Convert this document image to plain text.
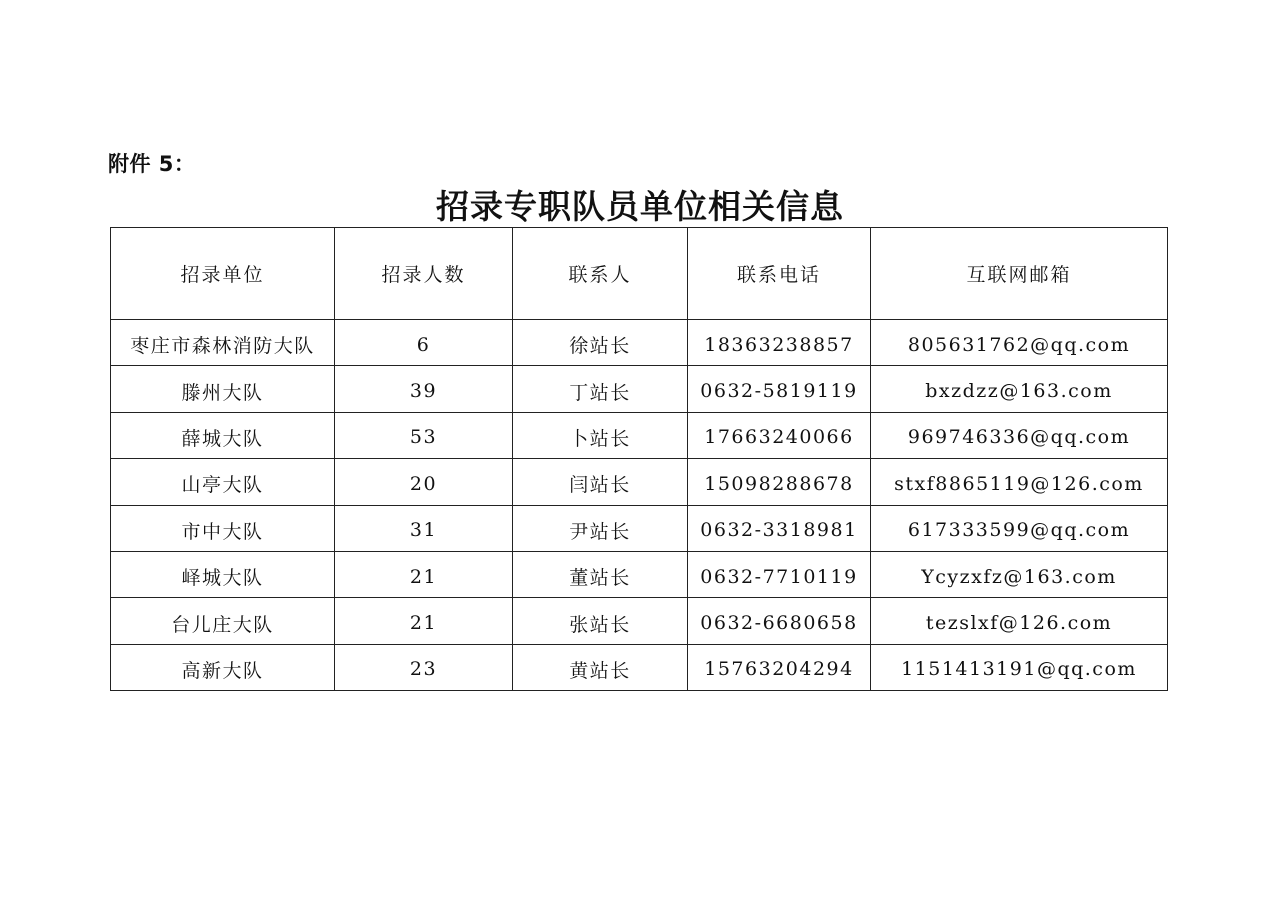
附件 5：
招录专职队员单位相关信息
招录单位	招录人数	联系人	联系电话	互联网邮箱
枣庄市森林消防大队	6	徐站长	18363238857	805631762@qq.com
滕州大队	39	丁站长	0632-5819119	bxzdzz@163.com
薛城大队	53	卜站长	17663240066	969746336@qq.com
山亭大队	20	闫站长	15098288678	stxf8865119@126.com
市中大队	31	尹站长	0632-3318981	617333599@qq.com
峄城大队	21	董站长	0632-7710119	Ycyzxfz@163.com
台儿庄大队	21	张站长	0632-6680658	tezslxf@126.com
高新大队	23	黄站长	15763204294	1151413191@qq.com
